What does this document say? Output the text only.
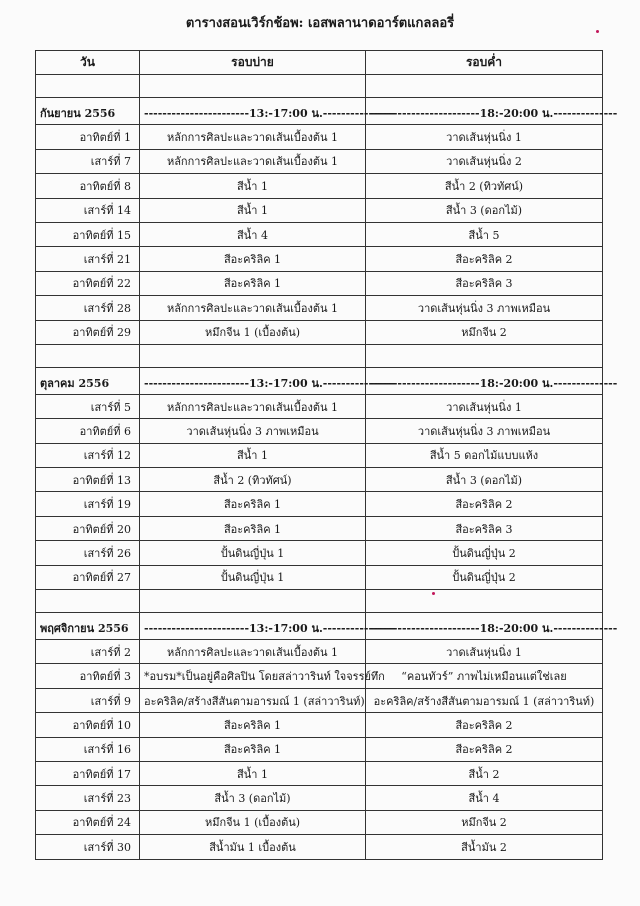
ตารางสอนเวิร์กช้อพ: เอสพลานาดอาร์ตแกลลอรี่
วัน	รอบบ่าย	รอบค่ำ

กันยายน 2556	-----------------------13:-17:00 น.----------------	------------------------18:-20:00 น.--------------
อาทิตย์ที่ 1	หลักการศิลปะและวาดเส้นเบื้องต้น 1	วาดเส้นหุ่นนิ่ง 1
เสาร์ที่ 7	หลักการศิลปะและวาดเส้นเบื้องต้น 1	วาดเส้นหุ่นนิ่ง 2
อาทิตย์ที่ 8	สีน้ำ 1	สีน้ำ 2 (ทิวทัศน์)
เสาร์ที่ 14	สีน้ำ 1	สีน้ำ 3 (ดอกไม้)
อาทิตย์ที่ 15	สีน้ำ 4	สีน้ำ 5
เสาร์ที่ 21	สีอะคริลิค 1	สีอะคริลิค 2
อาทิตย์ที่ 22	สีอะคริลิค 1	สีอะคริลิค 3
เสาร์ที่ 28	หลักการศิลปะและวาดเส้นเบื้องต้น 1	วาดเส้นหุ่นนิ่ง 3 ภาพเหมือน
อาทิตย์ที่ 29	หมึกจีน 1 (เบื้องต้น)	หมึกจีน 2

ตุลาคม 2556	-----------------------13:-17:00 น.----------------	------------------------18:-20:00 น.--------------
เสาร์ที่ 5	หลักการศิลปะและวาดเส้นเบื้องต้น 1	วาดเส้นหุ่นนิ่ง 1
อาทิตย์ที่ 6	วาดเส้นหุ่นนิ่ง 3 ภาพเหมือน	วาดเส้นหุ่นนิ่ง 3 ภาพเหมือน
เสาร์ที่ 12	สีน้ำ 1	สีน้ำ 5 ดอกไม้แบบแห้ง
อาทิตย์ที่ 13	สีน้ำ 2 (ทิวทัศน์)	สีน้ำ 3 (ดอกไม้)
เสาร์ที่ 19	สีอะคริลิค 1	สีอะคริลิค 2
อาทิตย์ที่ 20	สีอะคริลิค 1	สีอะคริลิค 3
เสาร์ที่ 26	ปั้นดินญี่ปุ่น 1	ปั้นดินญี่ปุ่น 2
อาทิตย์ที่ 27	ปั้นดินญี่ปุ่น 1	ปั้นดินญี่ปุ่น 2

พฤศจิกายน 2556	-----------------------13:-17:00 น.----------------	------------------------18:-20:00 น.--------------
เสาร์ที่ 2	หลักการศิลปะและวาดเส้นเบื้องต้น 1	วาดเส้นหุ่นนิ่ง 1
อาทิตย์ที่ 3	*อบรม*เป็นอยู่คือศิลปิน โดยสล่าวารินท์ ใจจรรย์ทึก	“คอนทัวร์” ภาพไม่เหมือนแต่ใช่เลย
เสาร์ที่ 9	อะคริลิค/สร้างสีสันตามอารมณ์ 1 (สล่าวารินท์)	อะคริลิค/สร้างสีสันตามอารมณ์ 1 (สล่าวารินท์)
อาทิตย์ที่ 10	สีอะคริลิค 1	สีอะคริลิค 2
เสาร์ที่ 16	สีอะคริลิค 1	สีอะคริลิค 2
อาทิตย์ที่ 17	สีน้ำ 1	สีน้ำ 2
เสาร์ที่ 23	สีน้ำ 3 (ดอกไม้)	สีน้ำ 4
อาทิตย์ที่ 24	หมึกจีน 1 (เบื้องต้น)	หมึกจีน 2
เสาร์ที่ 30	สีน้ำมัน 1 เบื้องต้น	สีน้ำมัน 2
